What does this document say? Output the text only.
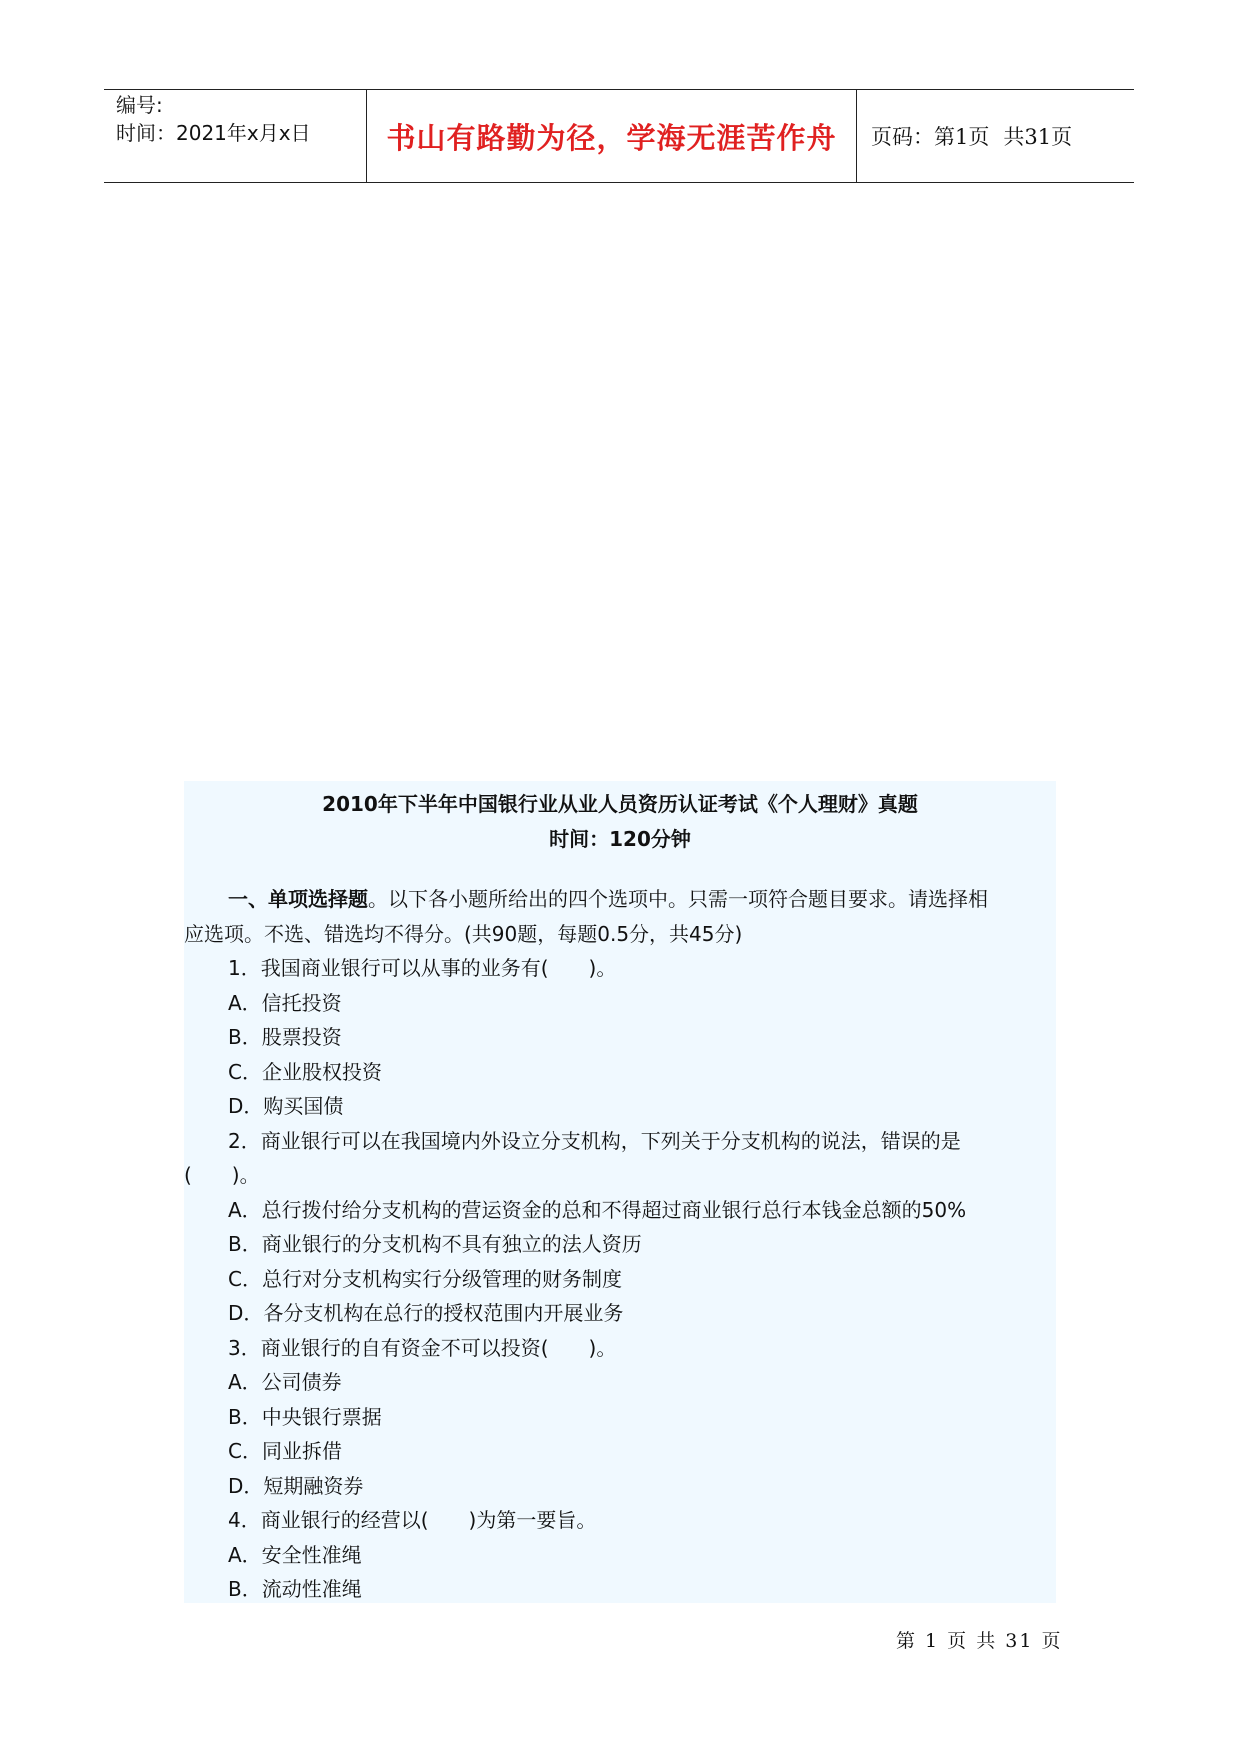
编号:
时间：2021年x月x日	书山有路勤为径，学海无涯苦作舟	页码：第1页 共31页
2010年下半年中国银行业从业人员资历认证考试《个人理财》真题
时间：120分钟
一、单项选择题。以下各小题所给出的四个选项中。只需一项符合题目要求。请选择相
应选项。不选、错选均不得分。(共90题，每题0.5分，共45分)
1．我国商业银行可以从事的业务有(　　)。
A．信托投资
B．股票投资
C．企业股权投资
D．购买国债
2．商业银行可以在我国境内外设立分支机构，下列关于分支机构的说法，错误的是
(　　)。
A．总行拨付给分支机构的营运资金的总和不得超过商业银行总行本钱金总额的50%
B．商业银行的分支机构不具有独立的法人资历
C．总行对分支机构实行分级管理的财务制度
D．各分支机构在总行的授权范围内开展业务
3．商业银行的自有资金不可以投资(　　)。
A．公司债券
B．中央银行票据
C．同业拆借
D．短期融资券
4．商业银行的经营以(　　)为第一要旨。
A．安全性准绳
B．流动性准绳
第 1 页 共 31 页
